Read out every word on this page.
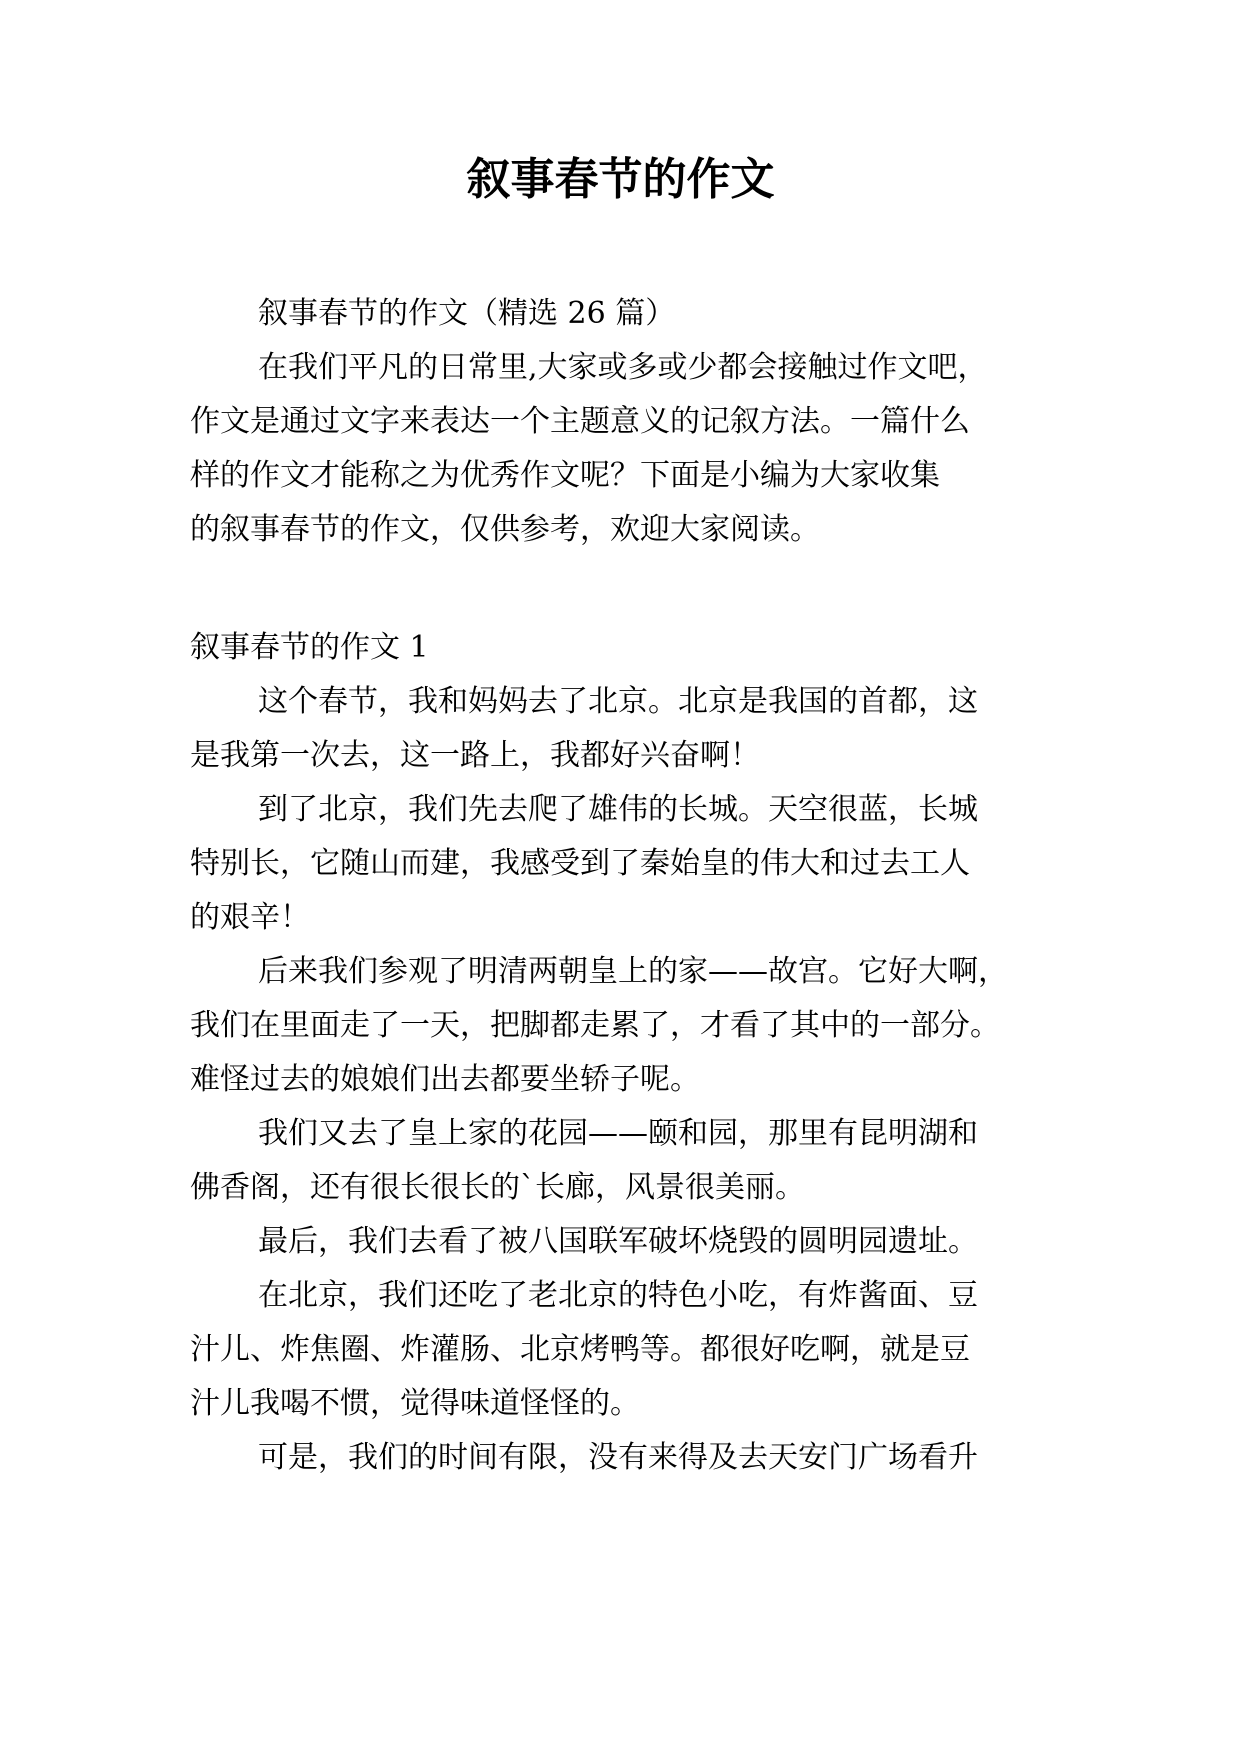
叙事春节的作文
叙事春节的作文（精选 26 篇）
在我们平凡的日常里,大家或多或少都会接触过作文吧，
作文是通过文字来表达一个主题意义的记叙方法。一篇什么
样的作文才能称之为优秀作文呢？下面是小编为大家收集
的叙事春节的作文，仅供参考，欢迎大家阅读。
叙事春节的作文 1
这个春节，我和妈妈去了北京。北京是我国的首都，这
是我第一次去，这一路上，我都好兴奋啊！
到了北京，我们先去爬了雄伟的长城。天空很蓝，长城
特别长，它随山而建，我感受到了秦始皇的伟大和过去工人
的艰辛！
后来我们参观了明清两朝皇上的家——故宫。它好大啊，
我们在里面走了一天，把脚都走累了，才看了其中的一部分。
难怪过去的娘娘们出去都要坐轿子呢。
我们又去了皇上家的花园——颐和园，那里有昆明湖和
佛香阁，还有很长很长的`长廊，风景很美丽。
最后，我们去看了被八国联军破坏烧毁的圆明园遗址。
在北京，我们还吃了老北京的特色小吃，有炸酱面、豆
汁儿、炸焦圈、炸灌肠、北京烤鸭等。都很好吃啊，就是豆
汁儿我喝不惯，觉得味道怪怪的。
可是，我们的时间有限，没有来得及去天安门广场看升
